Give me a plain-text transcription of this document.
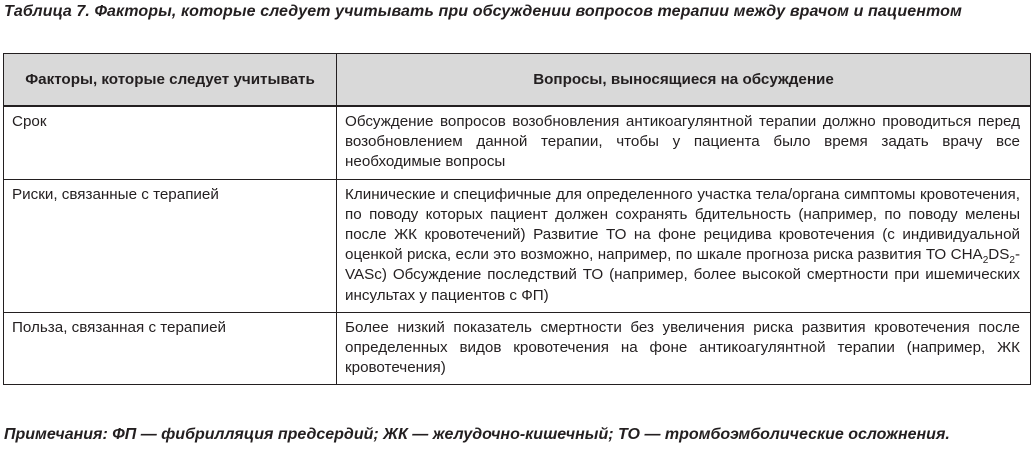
Таблица 7. Факторы, которые следует учитывать при обсуждении вопросов терапии между врачом и пациентом
Факторы, которые следует учитывать	Вопросы, выносящиеся на обсуждение
Срок	Обсуждение вопросов возобновления антикоагулянтной терапии должно проводиться перед возобновлением данной терапии, чтобы у пациента было время задать врачу все необходимые вопросы
Риски, связанные с терапией	Клинические и специфичные для определенного участка тела/органа симптомы кровотечения, по поводу которых пациент должен сохранять бдительность (например, по поводу мелены после ЖК кровотечений) Развитие ТО на фоне рецидива кровотечения (с индивидуальной оценкой риска, если это возможно, например, по шкале прогноза риска развития ТО $CHA_2DS_2-VASc$) Обсуждение последствий ТО (например, более высокой смертности при ишемических инсультах у пациентов с ФП)
Польза, связанная с терапией	Более низкий показатель смертности без увеличения риска развития кровотечения после определенных видов кровотечения на фоне антикоагулянтной терапии (например, ЖК кровотечения)
Примечания: ФП — фибрилляция предсердий; ЖК — желудочно-кишечный; ТО — тромбоэмболические осложнения.
